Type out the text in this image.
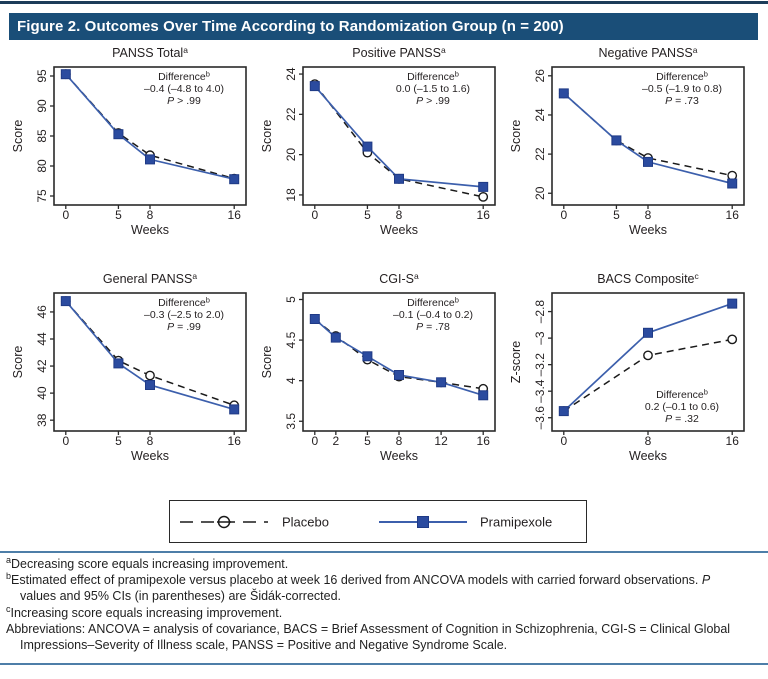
Figure 2. Outcomes Over Time According to Randomization Group (n = 200)
PANSS Total$^a$
0	5 8	16
75
80
85
90
95
Score
Weeks
Difference$^b$
–0.4 (–4.8 to 4.0)
P > .99
Positive PANSS$^a$
0	5 8	16
18
20
22
24
Score
Weeks
Difference$^b$
0.0 (–1.5 to 1.6)
P > .99
Negative PANSS$^a$
0	5 8	16
20
22
24
26
Score
Weeks
Difference$^b$
–0.5 (–1.9 to 0.8)
P = .73
General PANSS$^a$
0	5 8	16
38
40
42
44
46
Score
Weeks
Difference$^b$
–0.3 (–2.5 to 2.0)
P = .99
CGI-$S^a$
0 2 5 8	12 16
3.5
4
4.5
5
Score
Weeks
Difference$^b$
–0.1 (–0.4 to 0.2)
P = .78
BACS Composite$^c$
0	8	16
–3.6
–3.4
–3.2
–3
–2.8
Z-score
Weeks
Difference$^b$
0.2 (–0.1 to 0.6)
P = .32
Placebo	Pramipexole
$^a$Decreasing score equals increasing improvement.
$^b$Estimated effect of pramipexole versus placebo at week 16 derived from ANCOVA models with carried forward observations. P values and 95% CIs (in parentheses) are Šidák-corrected.
$^c$Increasing score equals increasing improvement.
Abbreviations: ANCOVA = analysis of covariance, BACS = Brief Assessment of Cognition in Schizophrenia, CGI-S = Clinical Global Impressions–Severity of Illness scale, PANSS = Positive and Negative Syndrome Scale.
